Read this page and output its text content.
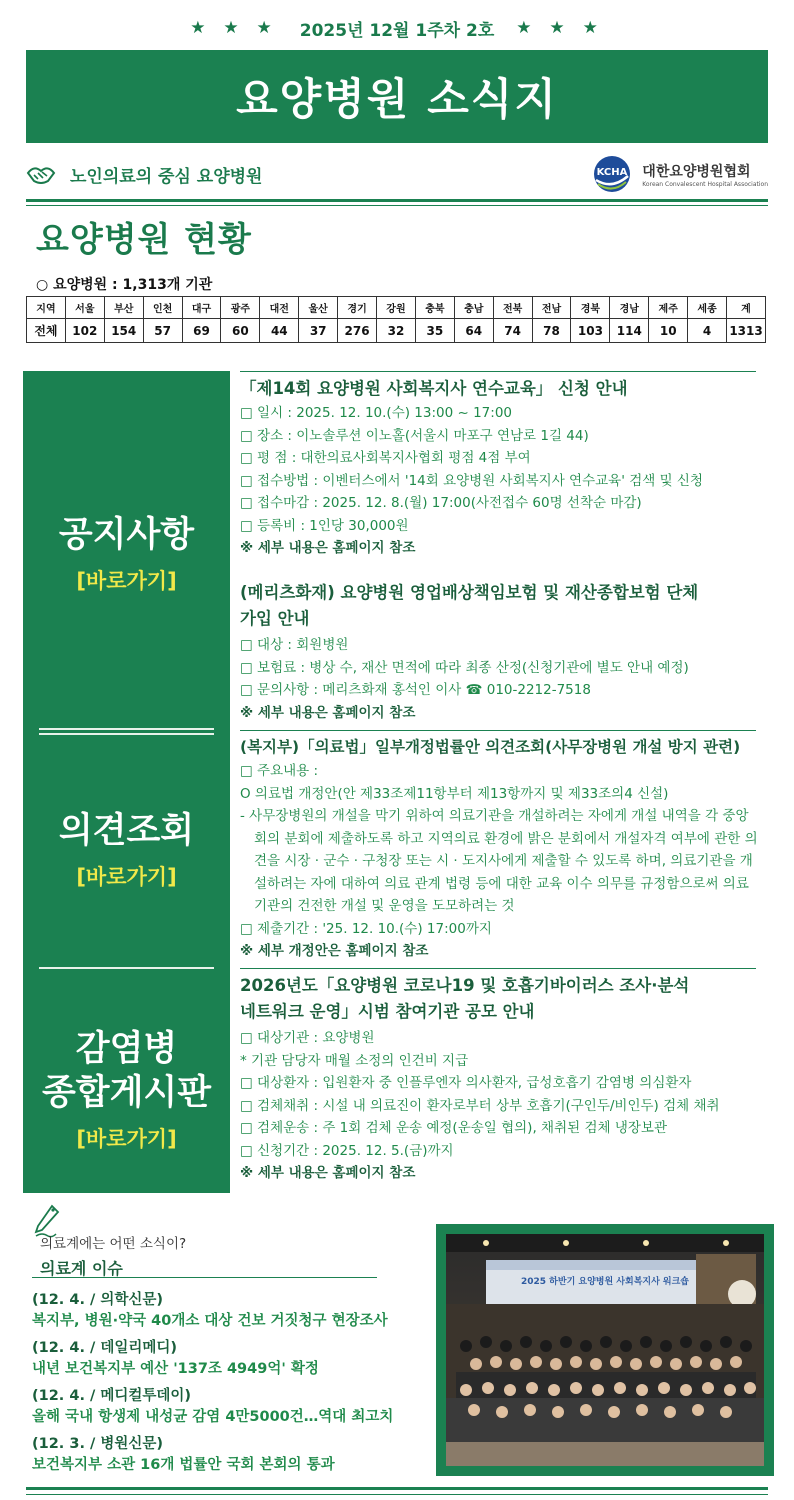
★ ★ ★ 2025년 12월 1주차 2호 ★ ★ ★
요양병원 소식지
노인의료의 중심 요양병원	KCHA 대한요양병원협회
Korean Convalescent Hospital Association
요양병원 현황
○ 요양병원 : 1,313개 기관
지역	서울	부산	인천	대구	광주	대전	울산	경기	강원	충북	충남	전북	전남	경북	경남	제주	세종	계
전체	102	154	57	69	60	44	37	276	32	35	64	74	78	103	114	10	4	1313
공지사항
[바로가기]
의견조회
[바로가기]
감염병
종합게시판
[바로가기]
「제14회 요양병원 사회복지사 연수교육」 신청 안내
□ 일시 : 2025. 12. 10.(수) 13:00 ~ 17:00
□ 장소 : 이노솔루션 이노홀(서울시 마포구 연남로 1길 44)
□ 평 점 : 대한의료사회복지사협회 평점 4점 부여
□ 접수방법 : 이벤터스에서 '14회 요양병원 사회복지사 연수교육' 검색 및 신청
□ 접수마감 : 2025. 12. 8.(월) 17:00(사전접수 60명 선착순 마감)
□ 등록비 : 1인당 30,000원
※ 세부 내용은 홈페이지 참조
(메리츠화재) 요양병원 영업배상책임보험 및 재산종합보험 단체
가입 안내
□ 대상 : 회원병원
□ 보험료 : 병상 수, 재산 면적에 따라 최종 산정(신청기관에 별도 안내 예정)
□ 문의사항 : 메리츠화재 홍석인 이사 ☎ 010-2212-7518
※ 세부 내용은 홈페이지 참조
(복지부)「의료법」일부개정법률안 의견조회(사무장병원 개설 방지 관련)
□ 주요내용 :
O 의료법 개정안(안 제33조제11항부터 제13항까지 및 제33조의4 신설)
- 사무장병원의 개설을 막기 위하여 의료기관을 개설하려는 자에게 개설 내역을 각 중앙회의 분회에 제출하도록 하고 지역의료 환경에 밝은 분회에서 개설자격 여부에 관한 의견을 시장 · 군수 · 구청장 또는 시 · 도지사에게 제출할 수 있도록 하며, 의료기관을 개설하려는 자에 대하여 의료 관계 법령 등에 대한 교육 이수 의무를 규정함으로써 의료기관의 건전한 개설 및 운영을 도모하려는 것
□ 제출기간 : '25. 12. 10.(수) 17:00까지
※ 세부 개정안은 홈페이지 참조
2026년도「요양병원 코로나19 및 호흡기바이러스 조사·분석
네트워크 운영」시범 참여기관 공모 안내
□ 대상기관 : 요양병원
* 기관 담당자 매월 소정의 인건비 지급
□ 대상환자 : 입원환자 중 인플루엔자 의사환자, 급성호흡기 감염병 의심환자
□ 검체채취 : 시설 내 의료진이 환자로부터 상부 호흡기(구인두/비인두) 검체 채취
□ 검체운송 : 주 1회 검체 운송 예정(운송일 협의), 채취된 검체 냉장보관
□ 신청기간 : 2025. 12. 5.(금)까지
※ 세부 내용은 홈페이지 참조
의료계에는 어떤 소식이?
의료계 이슈
(12. 4. / 의학신문)
복지부, 병원·약국 40개소 대상 건보 거짓청구 현장조사
(12. 4. / 데일리메디)
내년 보건복지부 예산 '137조 4949억' 확정
(12. 4. / 메디컬투데이)
올해 국내 항생제 내성균 감염 4만5000건…역대 최고치
(12. 3. / 병원신문)
보건복지부 소관 16개 법률안 국회 본회의 통과
2025 하반기 요양병원 사회복지사 워크숍
